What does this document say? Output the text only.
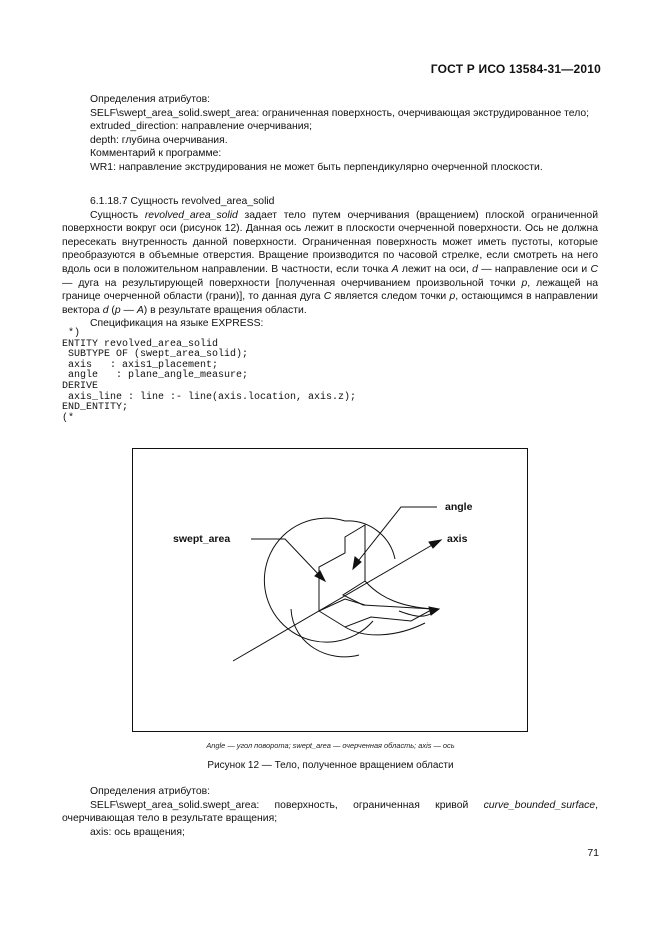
ГОСТ Р ИСО 13584-31—2010

Определения атрибутов:

SELF\swept_area_solid.swept_area: ограниченная поверхность, очерчивающая экструдированное тело;

extruded_direction: направление очерчивания;

depth: глубина очерчивания.

Комментарий к программе:

WR1: направление экструдирования не может быть перпендикулярно очерченной плоскости.

6.1.18.7 Сущность revolved_area_solid

Сущность revolved_area_solid задает тело путем очерчивания (вращением) плоской ограниченной поверхности вокруг оси (рисунок 12). Данная ось лежит в плоскости очерченной поверхности. Ось не должна пересекать внутренность данной поверхности. Ограниченная поверхность может иметь пустоты, которые преобразуются в объемные отверстия. Вращение производится по часовой стрелке, если смотреть на него вдоль оси в положительном направлении. В частности, если точка A лежит на оси, d — направление оси и C — дуга на результирующей поверхности [полученная очерчиванием произвольной точки p, лежащей на границе очерченной области (грани)], то данная дуга C является следом точки p, остающимся в направлении вектора d (p — A) в результате вращения области.

Спецификация на языке EXPRESS:

*)
ENTITY revolved_area_solid
SUBTYPE OF (swept_area_solid);
axis   : axis1_placement;
angle   : plane_angle_measure;
DERIVE
axis_line : line :- line(axis.location, axis.z);
END_ENTITY;
(*
angle
swept_area	axis
Angle — угол поворота; swept_area — очерченная область; axis — ось
Рисунок 12 — Тело, полученное вращением области

Определения атрибутов:

SELF\swept_area_solid.swept_area: поверхность, ограниченная кривой curve_bounded_surface, очерчивающая тело в результате вращения;

axis: ось вращения;

71
